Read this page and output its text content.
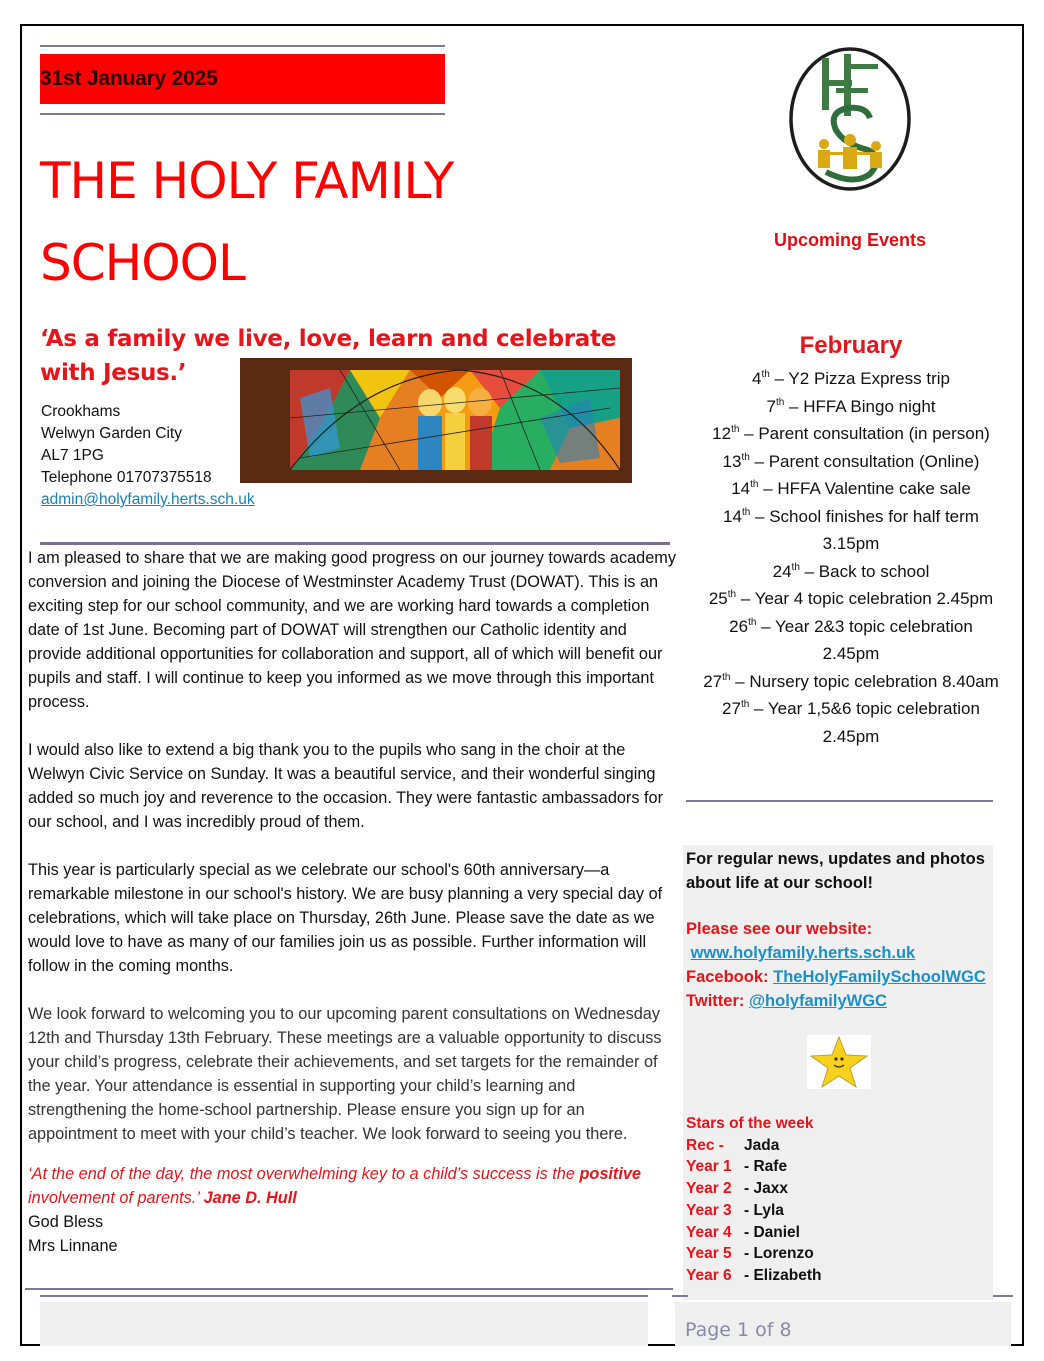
31st January 2025
THE HOLY FAMILY
SCHOOL
‘As a family we live, love, learn and celebrate
with Jesus.’
Crookhams
Welwyn Garden City
AL7 1PG
Telephone 01707375518
admin@holyfamily.herts.sch.uk

I am pleased to share that we are making good progress on our journey towards academy conversion and joining the Diocese of Westminster Academy Trust (DOWAT). This is an exciting step for our school community, and we are working hard towards a completion date of 1st June. Becoming part of DOWAT will strengthen our Catholic identity and provide additional opportunities for collaboration and support, all of which will benefit our pupils and staff. I will continue to keep you informed as we move through this important process.

I would also like to extend a big thank you to the pupils who sang in the choir at the Welwyn Civic Service on Sunday. It was a beautiful service, and their wonderful singing added so much joy and reverence to the occasion. They were fantastic ambassadors for our school, and I was incredibly proud of them.

This year is particularly special as we celebrate our school's 60th anniversary—a remarkable milestone in our school's history. We are busy planning a very special day of celebrations, which will take place on Thursday, 26th June. Please save the date as we would love to have as many of our families join us as possible. Further information will follow in the coming months.

We look forward to welcoming you to our upcoming parent consultations on Wednesday 12th and Thursday 13th February. These meetings are a valuable opportunity to discuss your child’s progress, celebrate their achievements, and set targets for the remainder of the year. Your attendance is essential in supporting your child’s learning and strengthening the home-school partnership. Please ensure you sign up for an appointment to meet with your child’s teacher. We look forward to seeing you there.

‘At the end of the day, the most overwhelming key to a child’s success is the positive involvement of parents.’ Jane D. Hull
God Bless
Mrs Linnane
Upcoming Events
February
4th – Y2 Pizza Express trip
7th – HFFA Bingo night
12th – Parent consultation (in person)
13th – Parent consultation (Online)
14th – HFFA Valentine cake sale
14th – School finishes for half term
3.15pm
24th – Back to school
25th – Year 4 topic celebration 2.45pm
26th – Year 2&3 topic celebration
2.45pm
27th – Nursery topic celebration 8.40am
27th – Year 1,5&6 topic celebration
2.45pm
For regular news, updates and photos about life at our school!
Please see our website:
www.holyfamily.herts.sch.uk
Facebook: TheHolyFamilySchoolWGC
Twitter: @holyfamilyWGC
Stars of the week
Rec -	Jada
Year 1 - Rafe
Year 2 - Jaxx
Year 3 - Lyla
Year 4 - Daniel
Year 5 - Lorenzo
Year 6 - Elizabeth
Page 1 of 8
